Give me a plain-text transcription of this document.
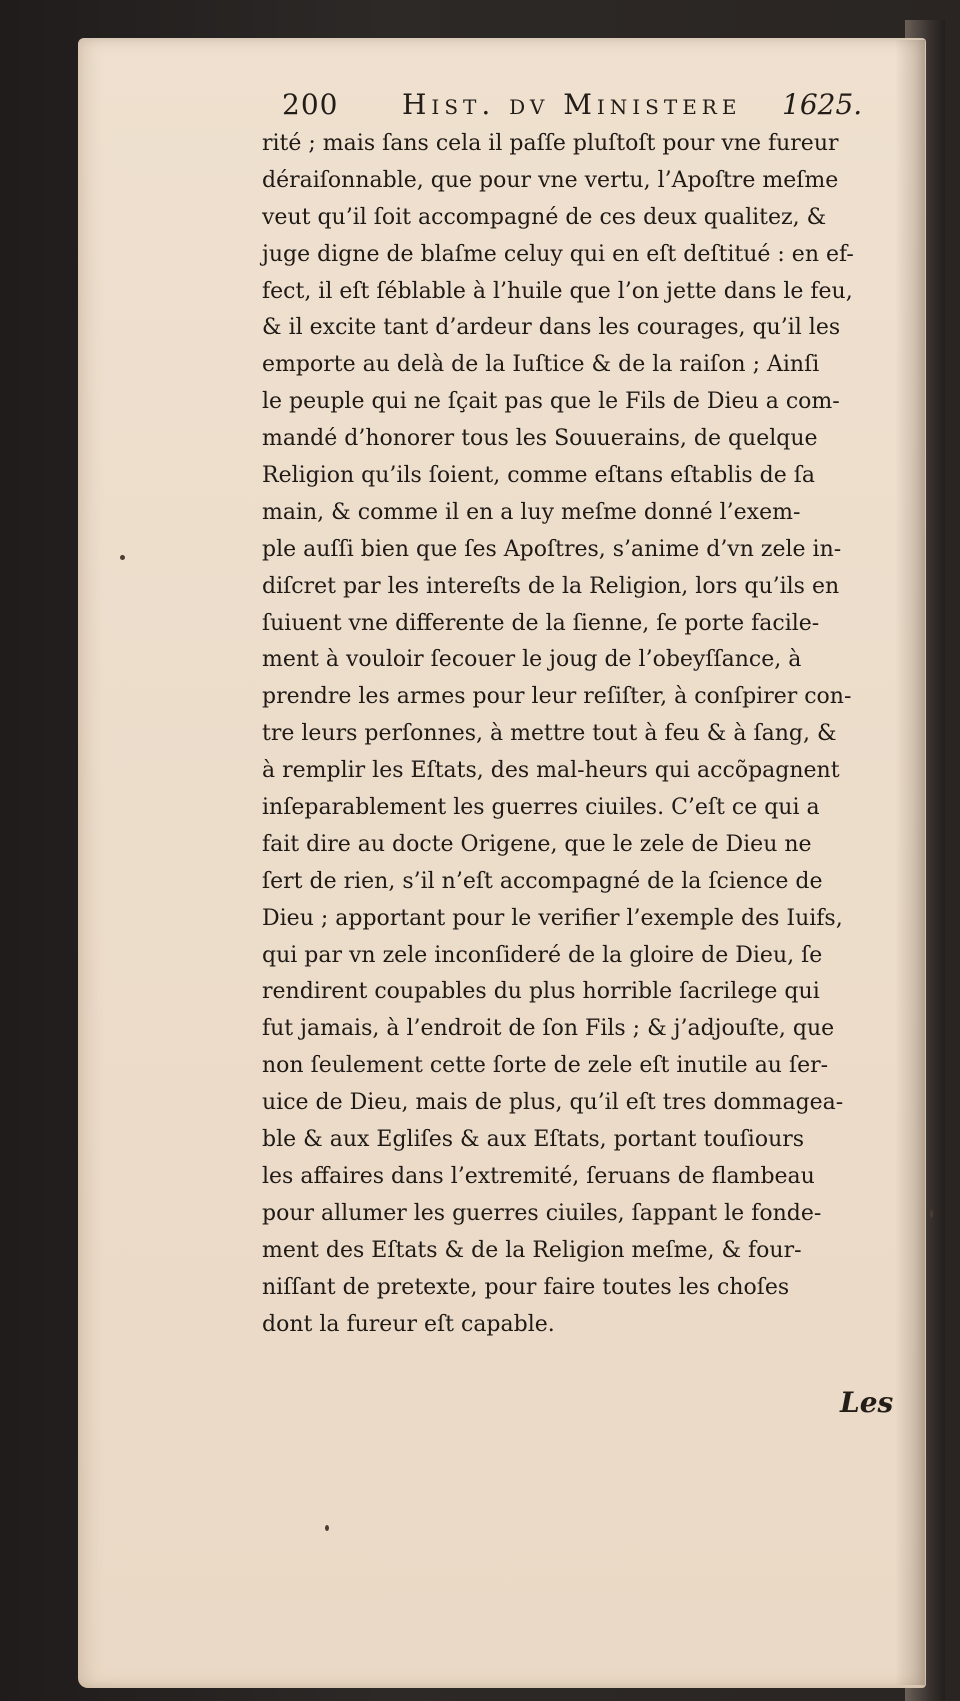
200 Hist. dv Ministere 1625.
rité ; mais ſans cela il paſſe pluſtoſt pour vne fureur
déraiſonnable, que pour vne vertu, l’Apoſtre meſme
veut qu’il ſoit accompagné de ces deux qualitez, &
juge digne de blaſme celuy qui en eſt deſtitué : en ef-
fect, il eſt ſéblable à l’huile que l’on jette dans le feu,
& il excite tant d’ardeur dans les courages, qu’il les
emporte au delà de la Iuſtice & de la raiſon ; Ainſi
le peuple qui ne ſçait pas que le Fils de Dieu a com-
mandé d’honorer tous les Souuerains, de quelque
Religion qu’ils ſoient, comme eſtans eſtablis de ſa
main, & comme il en a luy meſme donné l’exem-
ple auſſi bien que ſes Apoſtres, s’anime d’vn zele in-
diſcret par les intereſts de la Religion, lors qu’ils en
ſuiuent vne differente de la ſienne, ſe porte facile-
ment à vouloir ſecouer le joug de l’obeyſſance, à
prendre les armes pour leur reſiſter, à conſpirer con-
tre leurs perſonnes, à mettre tout à feu & à ſang, &
à remplir les Eſtats, des mal-heurs qui accõpagnent
inſeparablement les guerres ciuiles. C’eſt ce qui a
fait dire au docte Origene, que le zele de Dieu ne
ſert de rien, s’il n’eſt accompagné de la ſcience de
Dieu ; apportant pour le verifier l’exemple des Iuifs,
qui par vn zele inconſideré de la gloire de Dieu, ſe
rendirent coupables du plus horrible ſacrilege qui
fut jamais, à l’endroit de ſon Fils ; & j’adjouſte, que
non ſeulement cette ſorte de zele eſt inutile au ſer-
uice de Dieu, mais de plus, qu’il eſt tres dommagea-
ble & aux Egliſes & aux Eſtats, portant touſiours
les affaires dans l’extremité, ſeruans de flambeau
pour allumer les guerres ciuiles, ſappant le fonde-
ment des Eſtats & de la Religion meſme, & four-
niſſant de pretexte, pour faire toutes les choſes
dont la fureur eſt capable.
Les
